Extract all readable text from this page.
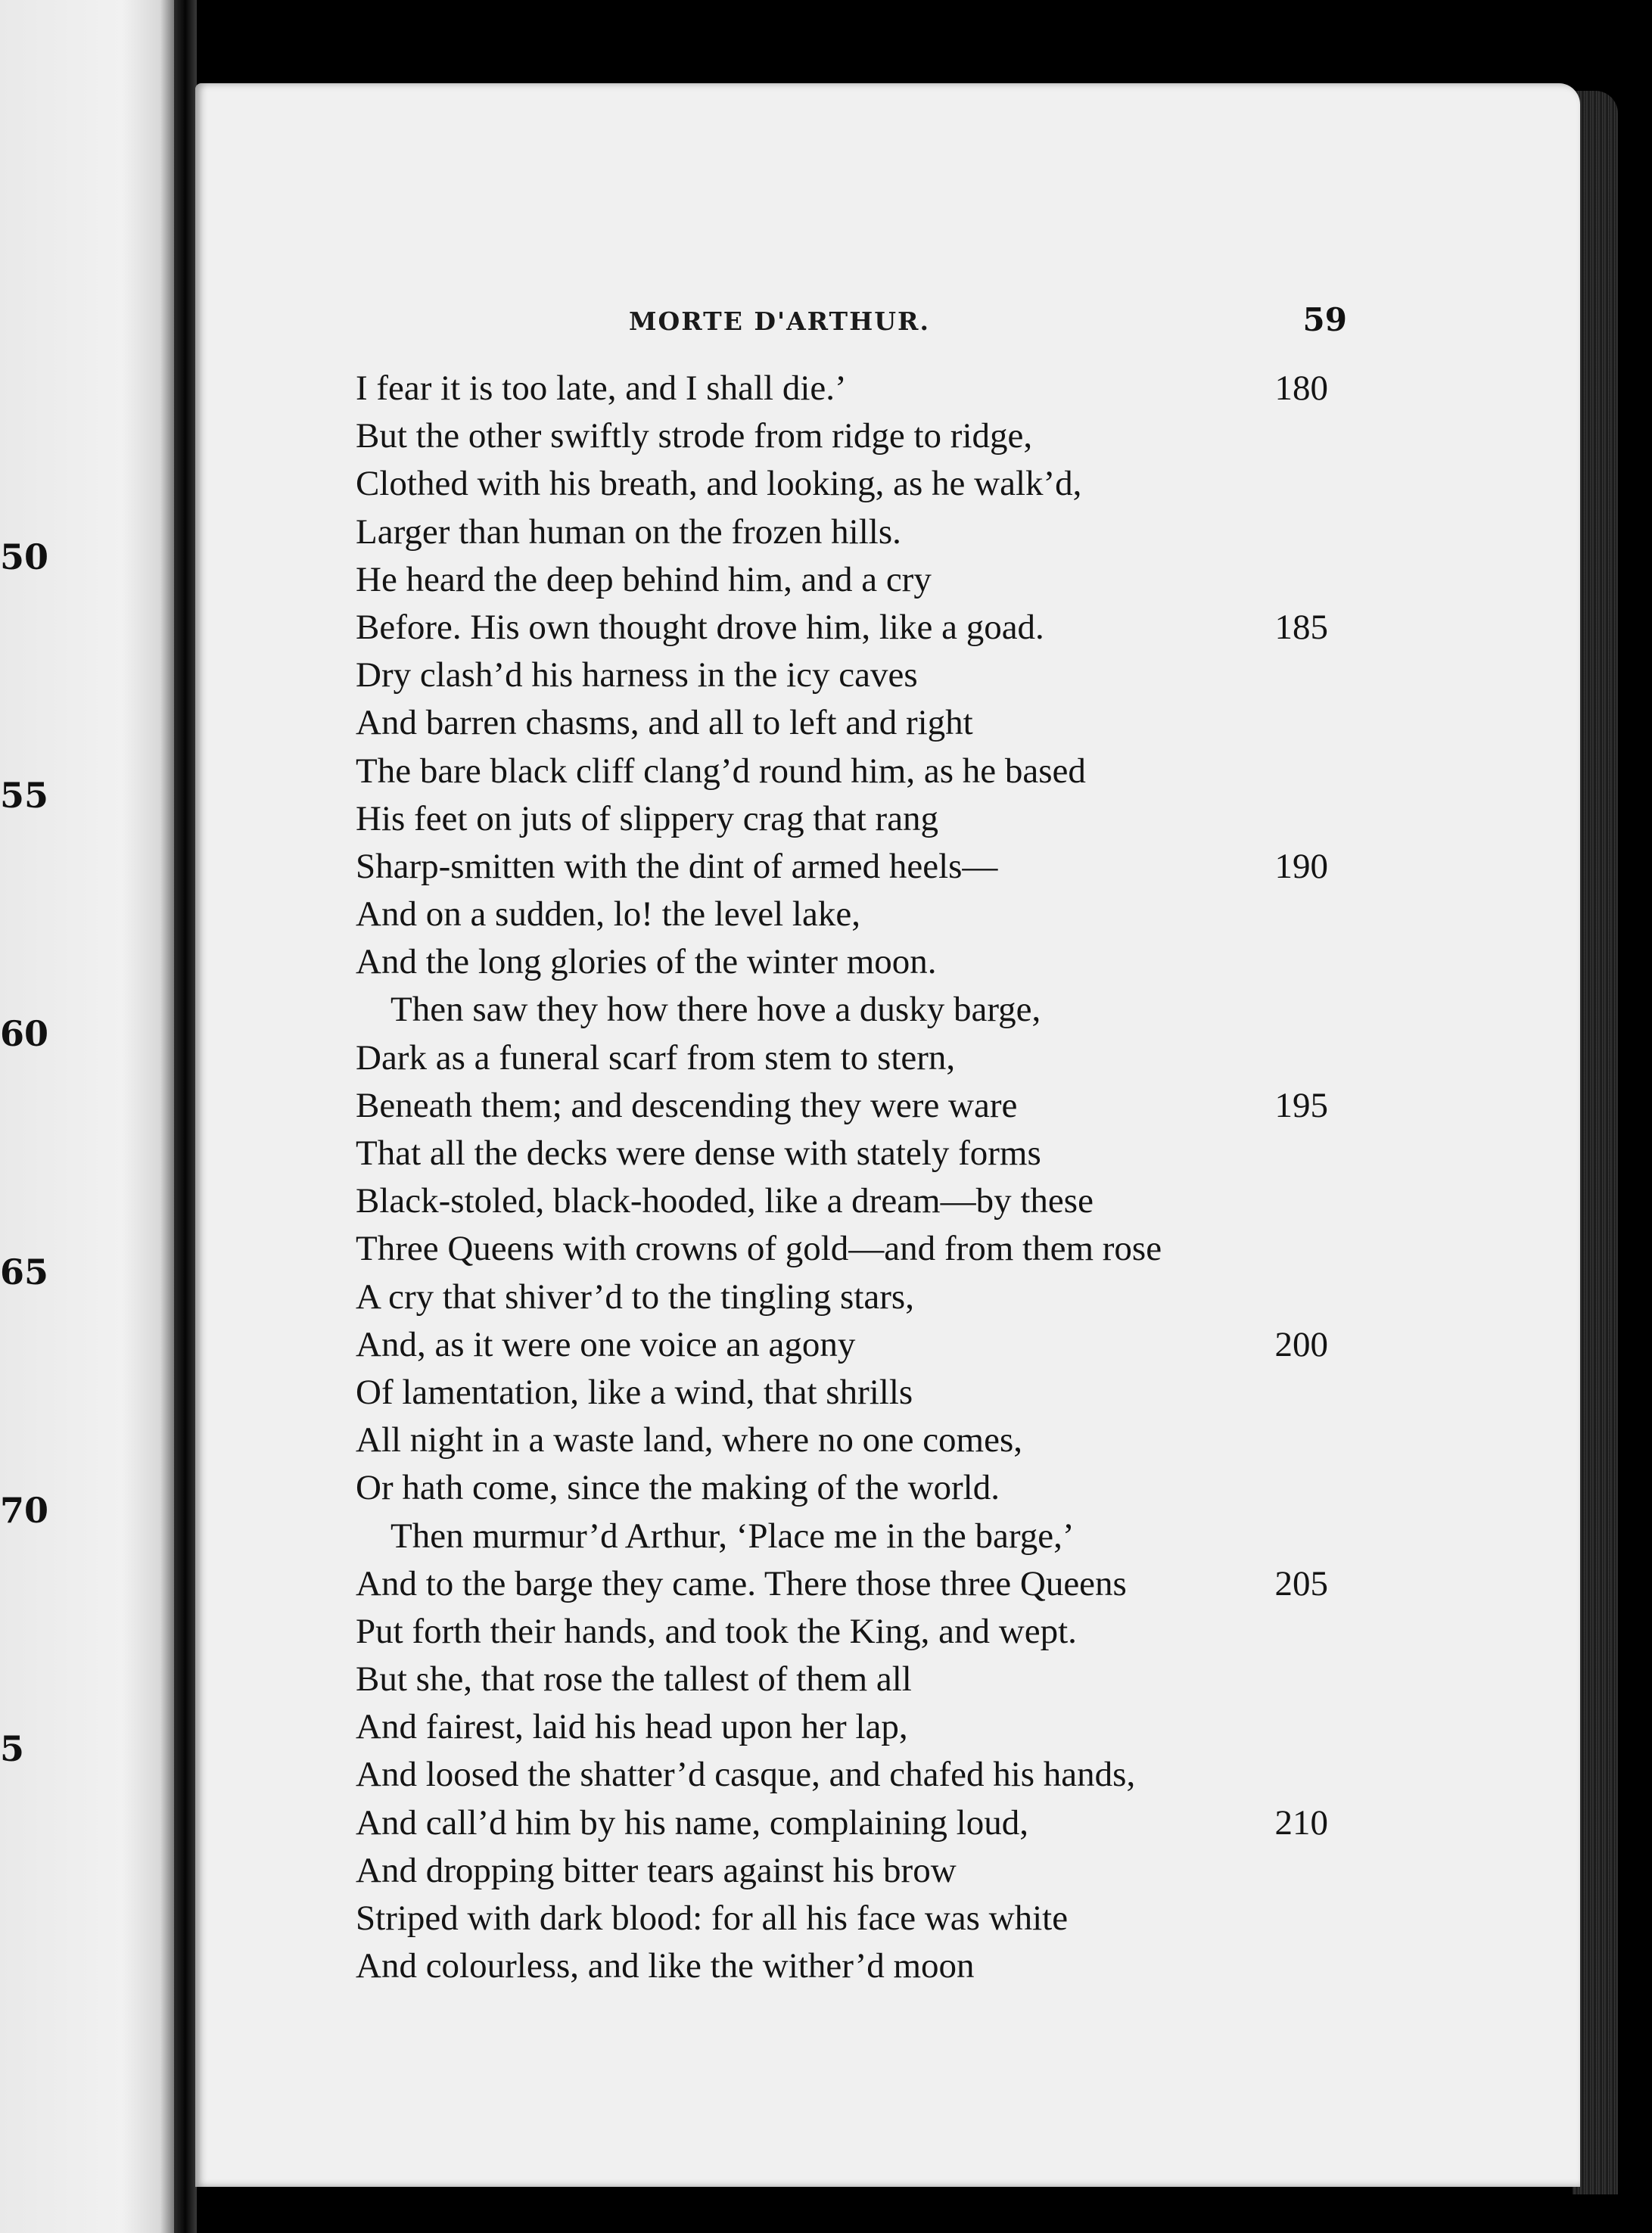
50
55
60
65
70
5
MORTE D'ARTHUR.	59
I fear it is too late, and I shall die.’	180
But the other swiftly strode from ridge to ridge,
Clothed with his breath, and looking, as he walk’d,
Larger than human on the frozen hills.
He heard the deep behind him, and a cry
Before. His own thought drove him, like a goad.	185
Dry clash’d his harness in the icy caves
And barren chasms, and all to left and right
The bare black cliff clang’d round him, as he based
His feet on juts of slippery crag that rang
Sharp-smitten with the dint of armed heels—	190
And on a sudden, lo! the level lake,
And the long glories of the winter moon.
Then saw they how there hove a dusky barge,
Dark as a funeral scarf from stem to stern,
Beneath them; and descending they were ware	195
That all the decks were dense with stately forms
Black-stoled, black-hooded, like a dream—by these
Three Queens with crowns of gold—and from them rose
A cry that shiver’d to the tingling stars,
And, as it were one voice an agony	200
Of lamentation, like a wind, that shrills
All night in a waste land, where no one comes,
Or hath come, since the making of the world.
Then murmur’d Arthur, ‘Place me in the barge,’
And to the barge they came. There those three Queens	205
Put forth their hands, and took the King, and wept.
But she, that rose the tallest of them all
And fairest, laid his head upon her lap,
And loosed the shatter’d casque, and chafed his hands,
And call’d him by his name, complaining loud,	210
And dropping bitter tears against his brow
Striped with dark blood: for all his face was white
And colourless, and like the wither’d moon
